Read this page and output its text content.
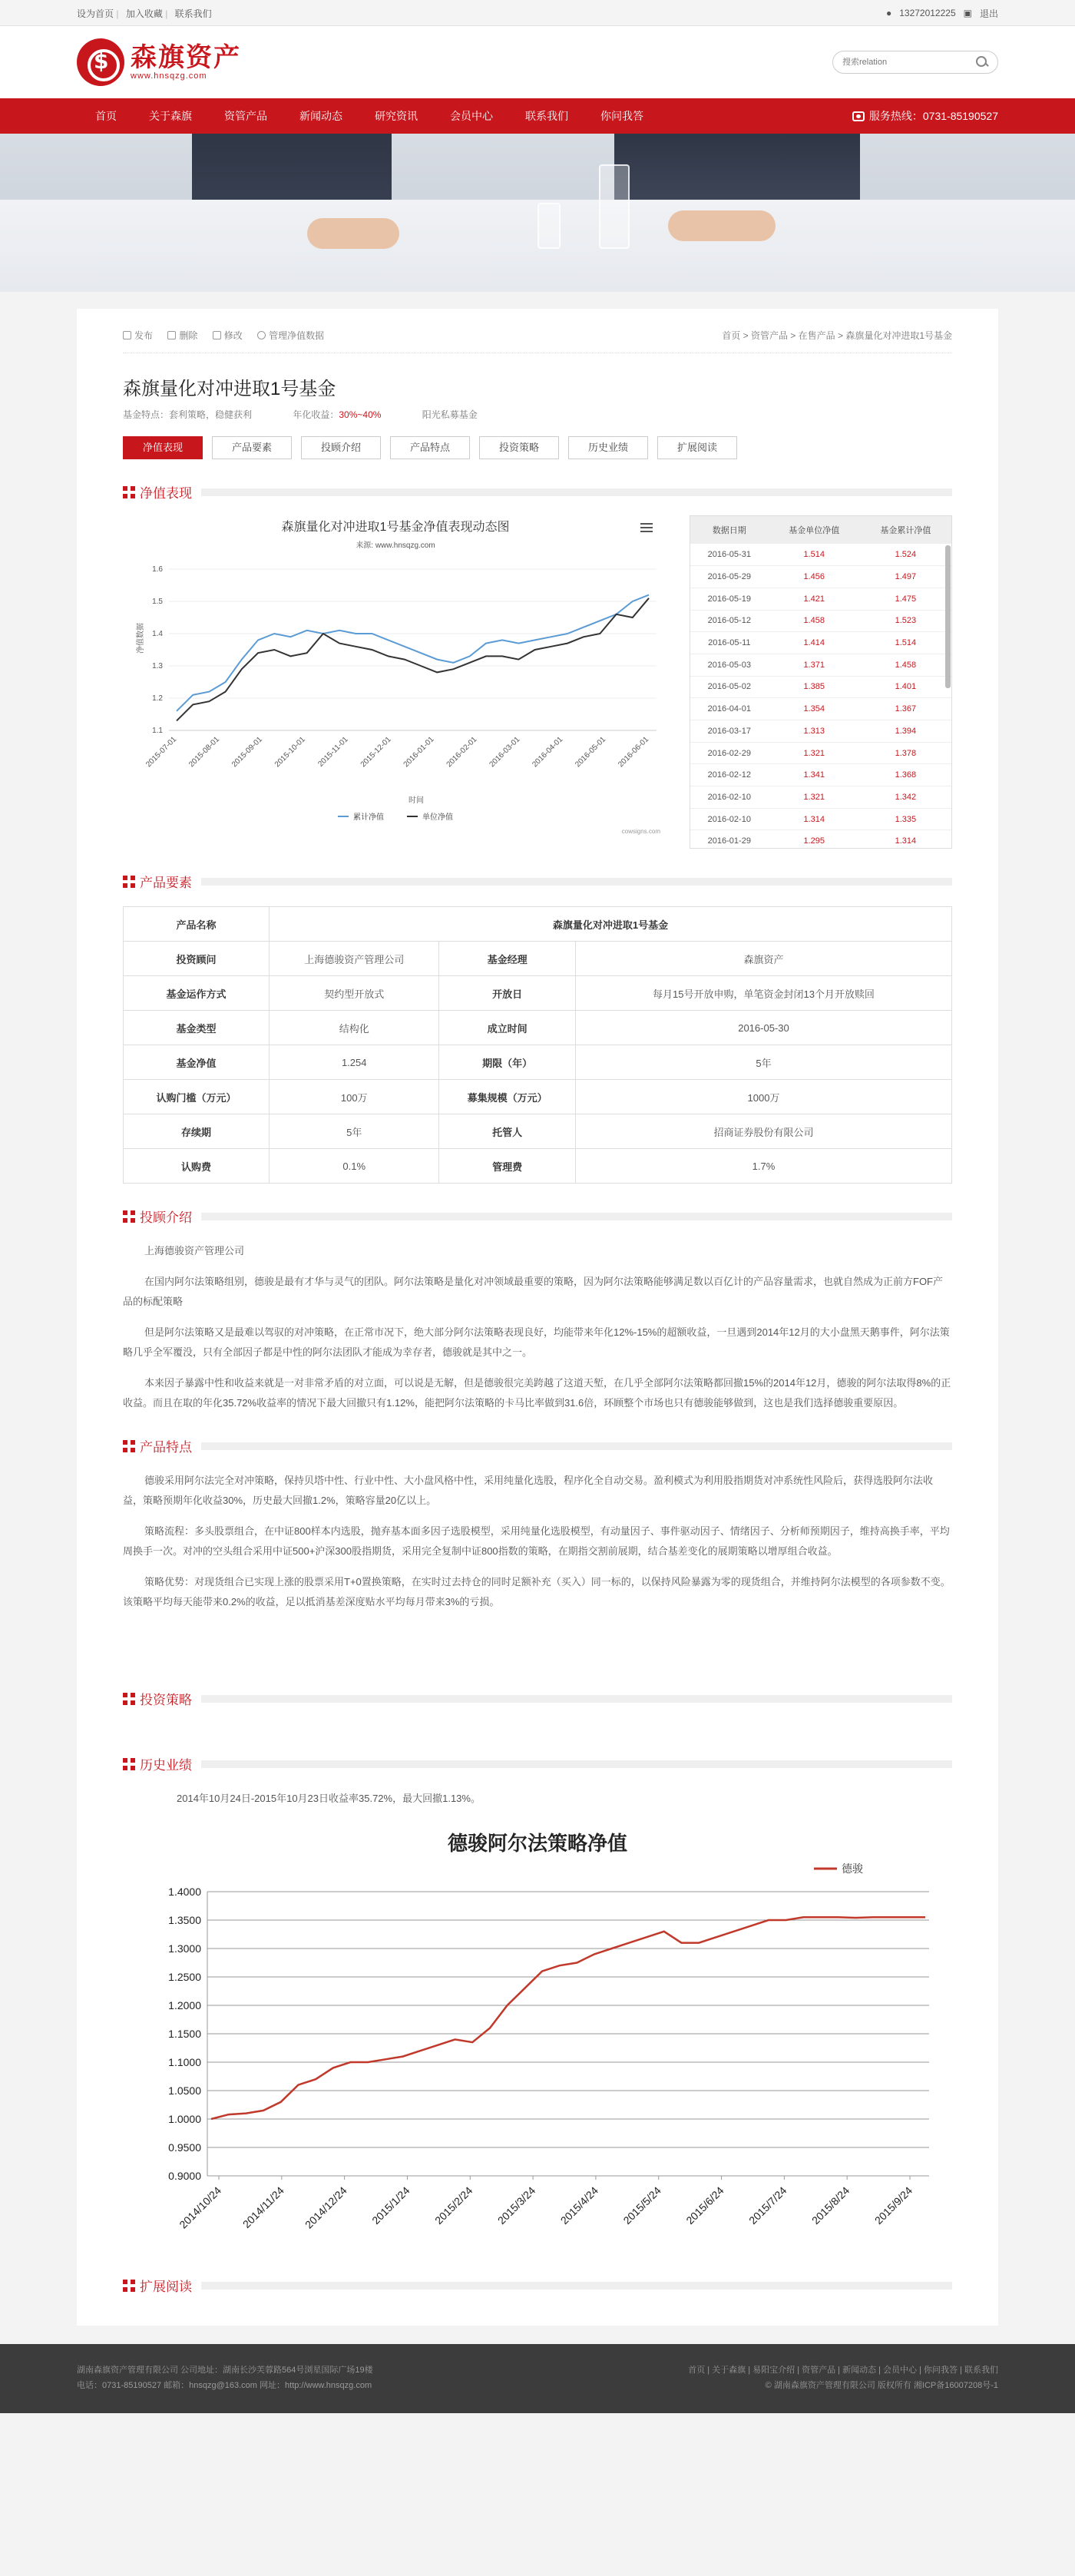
设为首页 | 加入收藏 | 联系我们	● 13272012225 ▣ 退出
$
森旗资产
www.hnsqzg.com
搜索relation
首页	关于森旗	资管产品	新闻动态	研究资讯	会员中心	联系我们	你问我答	服务热线：0731-85190527
发布
	删除
	修改
	管理净值数据	首页 > 资管产品 > 在售产品 > 森旗量化对冲进取1号基金
森旗量化对冲进取1号基金
基金特点：套利策略，稳健获利	年化收益：30%~40%	阳光私募基金
净值表现	产品要素	投顾介绍	产品特点	投资策略	历史业绩	扩展阅读
净值表现
森旗量化对冲进取1号基金净值表现动态图
来源: www.hnsqzg.com
净值数据
时间
累计净值	单位净值
cowsigns.com
1.1
1.2
1.3
1.4
1.5
1.6
2015-07-01 2015-08-01 2015-09-01 2015-10-01 2015-11-01 2015-12-01 2016-01-01 2016-02-01 2016-03-01 2016-04-01 2016-05-01 2016-06-01
数据日期	基金单位净值	基金累计净值
2016-05-31	1.514	1.524
2016-05-29	1.456	1.497
2016-05-19	1.421	1.475
2016-05-12	1.458	1.523
2016-05-11	1.414	1.514
2016-05-03	1.371	1.458
2016-05-02	1.385	1.401
2016-04-01	1.354	1.367
2016-03-17	1.313	1.394
2016-02-29	1.321	1.378
2016-02-12	1.341	1.368
2016-02-10	1.321	1.342
2016-02-10	1.314	1.335
2016-01-29	1.295	1.314
产品要素
产品名称	森旗量化对冲进取1号基金		
投资顾问	上海德骏资产管理公司	基金经理	森旗资产
基金运作方式	契约型开放式	开放日	每月15号开放申购，单笔资金封闭13个月开放赎回
基金类型	结构化	成立时间	2016-05-30
基金净值	1.254	期限（年）	5年
认购门槛（万元）	100万	募集规模（万元）	1000万
存续期	5年	托管人	招商证券股份有限公司
认购费	0.1%	管理费	1.7%
投顾介绍

上海德骏资产管理公司

在国内阿尔法策略组别，德骏是最有才华与灵气的团队。阿尔法策略是量化对冲领域最重要的策略，因为阿尔法策略能够满足数以百亿计的产品容量需求，也就自然成为正前方FOF产品的标配策略

但是阿尔法策略又是最难以驾驭的对冲策略，在正常市况下，绝大部分阿尔法策略表现良好，均能带来年化12%-15%的超额收益，一旦遇到2014年12月的大小盘黑天鹅事件，阿尔法策略几乎全军覆没，只有全部因子都是中性的阿尔法团队才能成为幸存者，德骏就是其中之一。

本来因子暴露中性和收益来就是一对非常矛盾的对立面，可以说是无解，但是德骏很完美跨越了这道天堑，在几乎全部阿尔法策略都回撤15%的2014年12月，德骏的阿尔法取得8%的正收益。而且在取的年化35.72%收益率的情况下最大回撤只有1.12%，能把阿尔法策略的卡马比率做到31.6倍，环顾整个市场也只有德骏能够做到，这也是我们选择德骏重要原因。

产品特点

德骏采用阿尔法完全对冲策略，保持贝塔中性、行业中性、大小盘风格中性，采用纯量化选股，程序化全自动交易。盈利模式为利用股指期货对冲系统性风险后，获得选股阿尔法收益，策略预期年化收益30%，历史最大回撤1.2%，策略容量20亿以上。

策略流程：多头股票组合，在中证800样本内选股，抛弃基本面多因子选股模型，采用纯量化选股模型，有动量因子、事件驱动因子、情绪因子、分析师预期因子，维持高换手率，平均周换手一次。对冲的空头组合采用中证500+沪深300股指期货，采用完全复制中证800指数的策略，在期指交割前展期，结合基差变化的展期策略以增厚组合收益。

策略优势：对现货组合已实现上涨的股票采用T+0置换策略，在实时过去持仓的同时足额补充（买入）同一标的，以保持风险暴露为零的现货组合，并维持阿尔法模型的各项参数不变。该策略平均每天能带来0.2%的收益，足以抵消基差深度贴水平均每月带来3%的亏损。

投资策略
历史业绩

2014年10月24日-2015年10月23日收益率35.72%，最大回撤1.13%。

德骏阿尔法策略净值
德骏
0.9000
0.9500
1.0000
1.0500
1.1000
1.1500
1.2000
1.2500
1.3000
1.3500
1.4000
2014/10/24 2014/11/24 2014/12/24 2015/1/24 2015/2/24 2015/3/24 2015/4/24 2015/5/24 2015/6/24 2015/7/24 2015/8/24 2015/9/24
扩展阅读
湖南森旗资产管理有限公司 公司地址：湖南长沙芙蓉路564号浏星国际广场19楼
电话：0731-85190527 邮箱：hnsqzg@163.com 网址：http://www.hnsqzg.com
首页 | 关于森旗 | 易阳宝介绍 | 资管产品 | 新闻动态 | 会员中心 | 你问我答 | 联系我们
© 湖南森旗资产管理有限公司 版权所有 湘ICP备16007208号-1
